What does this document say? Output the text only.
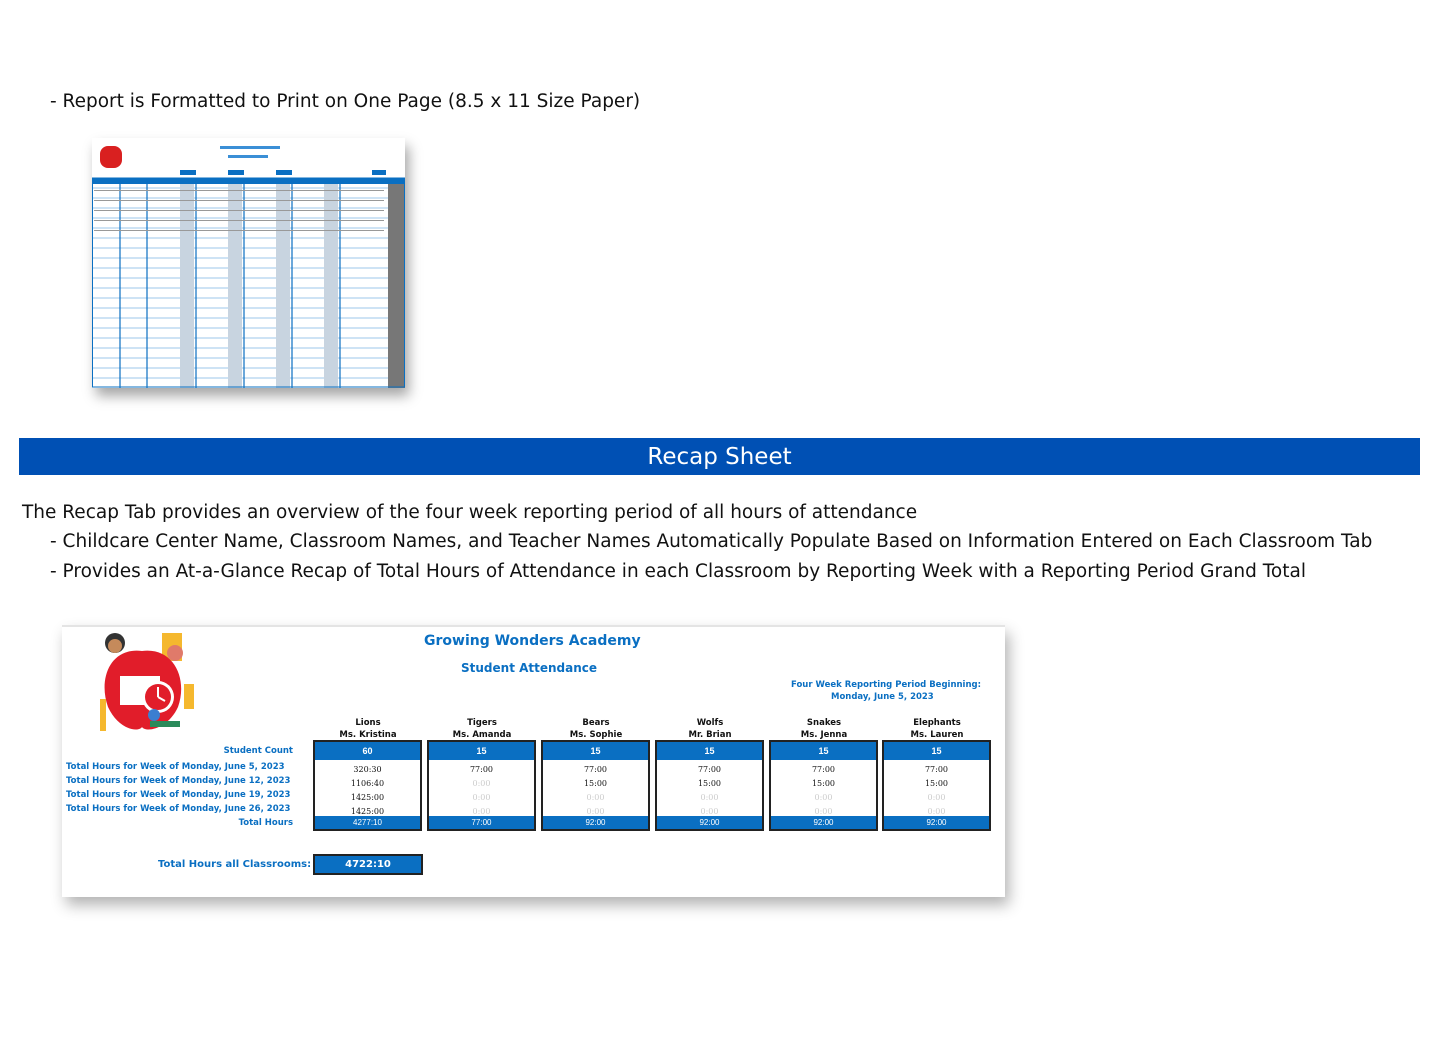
- Report is Formatted to Print on One Page (8.5 x 11 Size Paper)
Recap Sheet
The Recap Tab provides an overview of the four week reporting period of all hours of attendance
- Childcare Center Name, Classroom Names, and Teacher Names Automatically Populate Based on Information Entered on Each Classroom Tab
- Provides an At-a-Glance Recap of Total Hours of Attendance in each Classroom by Reporting Week with a Reporting Period Grand Total
Growing Wonders Academy
Student Attendance
Four Week Reporting Period Beginning:
Monday, June 5, 2023
Student Count
Total Hours for Week of Monday, June 5, 2023
Total Hours for Week of Monday, June 12, 2023
Total Hours for Week of Monday, June 19, 2023
Total Hours for Week of Monday, June 26, 2023
Total Hours
Lions
Ms. Kristina
60
320:30
1106:40
1425:00
1425:00
4277:10
Tigers
Ms. Amanda
15
77:00
0:00
0:00
0:00
77:00
Bears
Ms. Sophie
15
77:00
15:00
0:00
0:00
92:00
Wolfs
Mr. Brian
15
77:00
15:00
0:00
0:00
92:00
Snakes
Ms. Jenna
15
77:00
15:00
0:00
0:00
92:00
Elephants
Ms. Lauren
15
77:00
15:00
0:00
0:00
92:00
Total Hours all Classrooms:	4722:10
